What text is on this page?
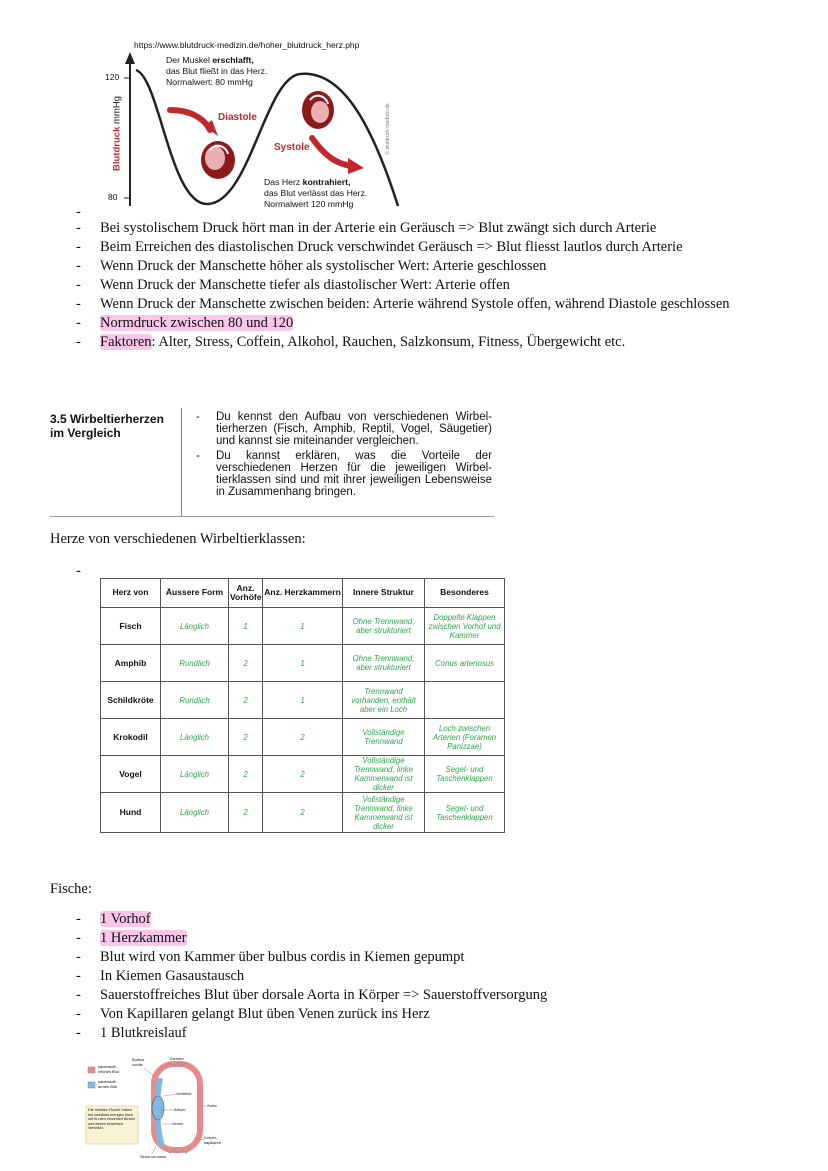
https://www.blutdruck-medizin.de/hoher_blutdruck_herz.php
120
80
Blutdruck mmHg
Der Muskel erschlafft,
das Blut fließt in das Herz.
Normalwert: 80 mmHg
Diastole
Systole
Das Herz kontrahiert,
das Blut verlässt das Herz.
Normalwert 120 mmHg
© blutdruck-medizin.de
-
- Bei systolischem Druck hört man in der Arterie ein Geräusch => Blut zwängt sich durch Arterie
- Beim Erreichen des diastolischen Druck verschwindet Geräusch => Blut fliesst lautlos durch Arterie
- Wenn Druck der Manschette höher als systolischer Wert: Arterie geschlossen
- Wenn Druck der Manschette tiefer als diastolischer Wert: Arterie offen
- Wenn Druck der Manschette zwischen beiden: Arterie während Systole offen, während Diastole geschlossen
- Normdruck zwischen 80 und 120
- Faktoren: Alter, Stress, Coffein, Alkohol, Rauchen, Salzkonsum, Fitness, Übergewicht etc.
3.5 Wirbeltierherzen
im Vergleich
- Du kennst den Aufbau von verschiedenen Wirbeltierherzen (Fisch, Amphib, Reptil, Vogel, Säugetier) und kannst sie miteinander vergleichen.
- Du kannst erklären, was die Vorteile der verschiedenen Herzen für die jeweiligen Wirbeltierklassen sind und mit ihrer jeweiligen Lebensweise in Zusammenhang bringen.
Herze von verschiedenen Wirbeltierklassen:
-
Herz von	Äussere Form	Anz. Vorhöfe	Anz. Herzkammern	Innere Struktur	Besonderes
Fisch	Länglich	1	1	Ohne Trennwand, aber strukturiert	Doppelte Klappen zwischen Vorhof und Kammer
Amphib	Rundlich	2	1	Ohne Trennwand, aber strukturiert	Conus arteriosus
Schildkröte	Rundlich	2	1	Trennwand vorhanden, enthält aber ein Loch	
Krokodil	Länglich	2	2	Vollständige Trennwand	Loch zwischen Arterien (Foramen Panizzae)
Vogel	Länglich	2	2	Vollständige Trennwand, linke Kammerwand ist dicker	Segel- und Taschenklappen
Hund	Länglich	2	2	Vollständige Trennwand, linke Kammerwand ist dicker	Segel- und Taschenklappen
Fische:
- 1 Vorhof
- 1 Herzkammer
- Blut wird von Kammer über bulbus cordis in Kiemen gepumpt
- In Kiemen Gasaustausch
- Sauerstoffreiches Blut über dorsale Aorta in Körper => Sauerstoffversorgung
- Von Kapillaren gelangt Blut üben Venen zurück ins Herz
- 1 Blutkreislauf
sauerstoff-reiches Blut
sauerstoff-armes Blut
Bulbus cordis
Kiemen
Ventrikel
Atrium
Venen
Aorta
Körper-kapillaren
Sinus venosus
Die meisten Fische haben ein zweikam-meriges Herz mit ei-nem einzelnen Atrium und einem einzelnen Ventrikel.
